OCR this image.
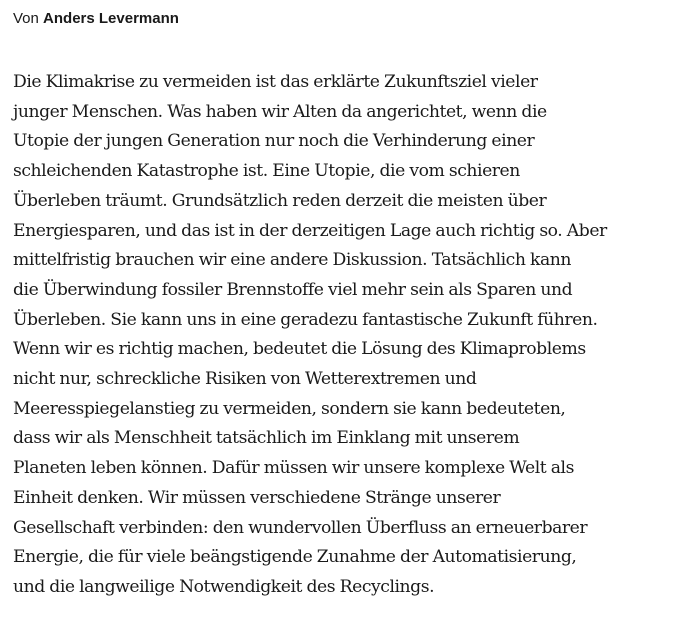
Von Anders Levermann

Die Klimakrise zu vermeiden ist das erklärte Zukunftsziel vieler
junger Menschen. Was haben wir Alten da angerichtet, wenn die
Utopie der jungen Generation nur noch die Verhinderung einer
schleichenden Katastrophe ist. Eine Utopie, die vom schieren
Überleben träumt. Grundsätzlich reden derzeit die meisten über
Energiesparen, und das ist in der derzeitigen Lage auch richtig so. Aber
mittelfristig brauchen wir eine andere Diskussion. Tatsächlich kann
die Überwindung fossiler Brennstoffe viel mehr sein als Sparen und
Überleben. Sie kann uns in eine geradezu fantastische Zukunft führen.
Wenn wir es richtig machen, bedeutet die Lösung des Klimaproblems
nicht nur, schreckliche Risiken von Wetterextremen und
Meeresspiegelanstieg zu vermeiden, sondern sie kann bedeuteten,
dass wir als Menschheit tatsächlich im Einklang mit unserem
Planeten leben können. Dafür müssen wir unsere komplexe Welt als
Einheit denken. Wir müssen verschiedene Stränge unserer
Gesellschaft verbinden: den wundervollen Überfluss an erneuerbarer
Energie, die für viele beängstigende Zunahme der Automatisierung,
und die langweilige Notwendigkeit des Recyclings.
